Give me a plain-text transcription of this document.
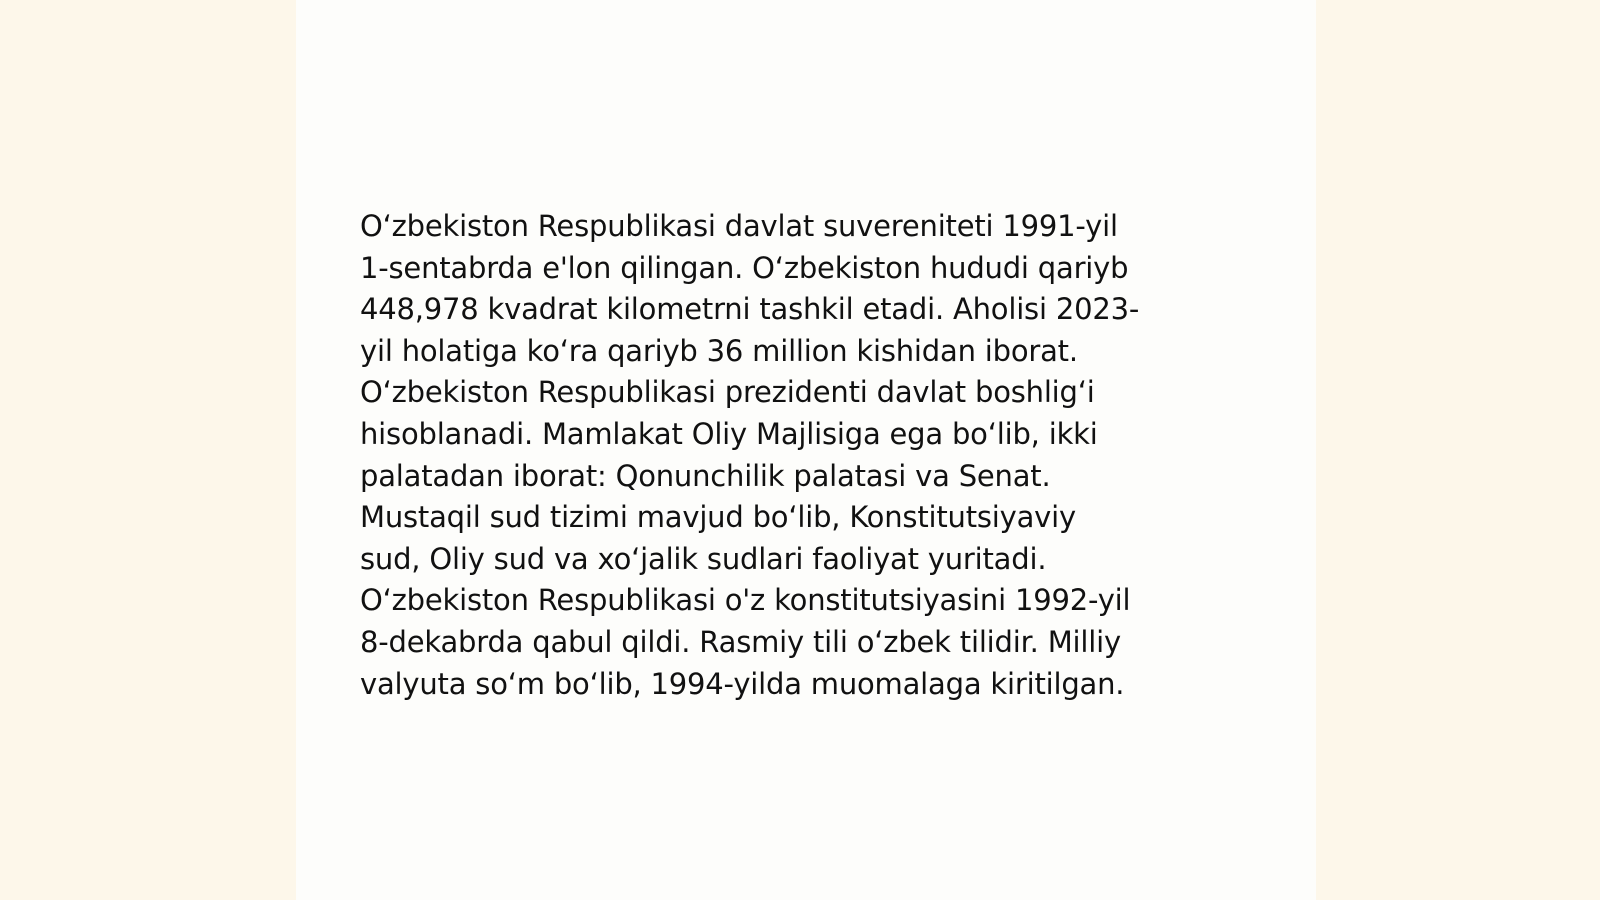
O‘zbekiston Respublikasi davlat suvereniteti 1991-yil
1-sentabrda e'lon qilingan. O‘zbekiston hududi qariyb
448,978 kvadrat kilometrni tashkil etadi. Aholisi 2023-
yil holatiga ko‘ra qariyb 36 million kishidan iborat.
O‘zbekiston Respublikasi prezidenti davlat boshlig‘i
hisoblanadi. Mamlakat Oliy Majlisiga ega bo‘lib, ikki
palatadan iborat: Qonunchilik palatasi va Senat.
Mustaqil sud tizimi mavjud bo‘lib, Konstitutsiyaviy
sud, Oliy sud va xo‘jalik sudlari faoliyat yuritadi.
O‘zbekiston Respublikasi o'z konstitutsiyasini 1992-yil
8-dekabrda qabul qildi. Rasmiy tili o‘zbek tilidir. Milliy
valyuta so‘m bo‘lib, 1994-yilda muomalaga kiritilgan.
